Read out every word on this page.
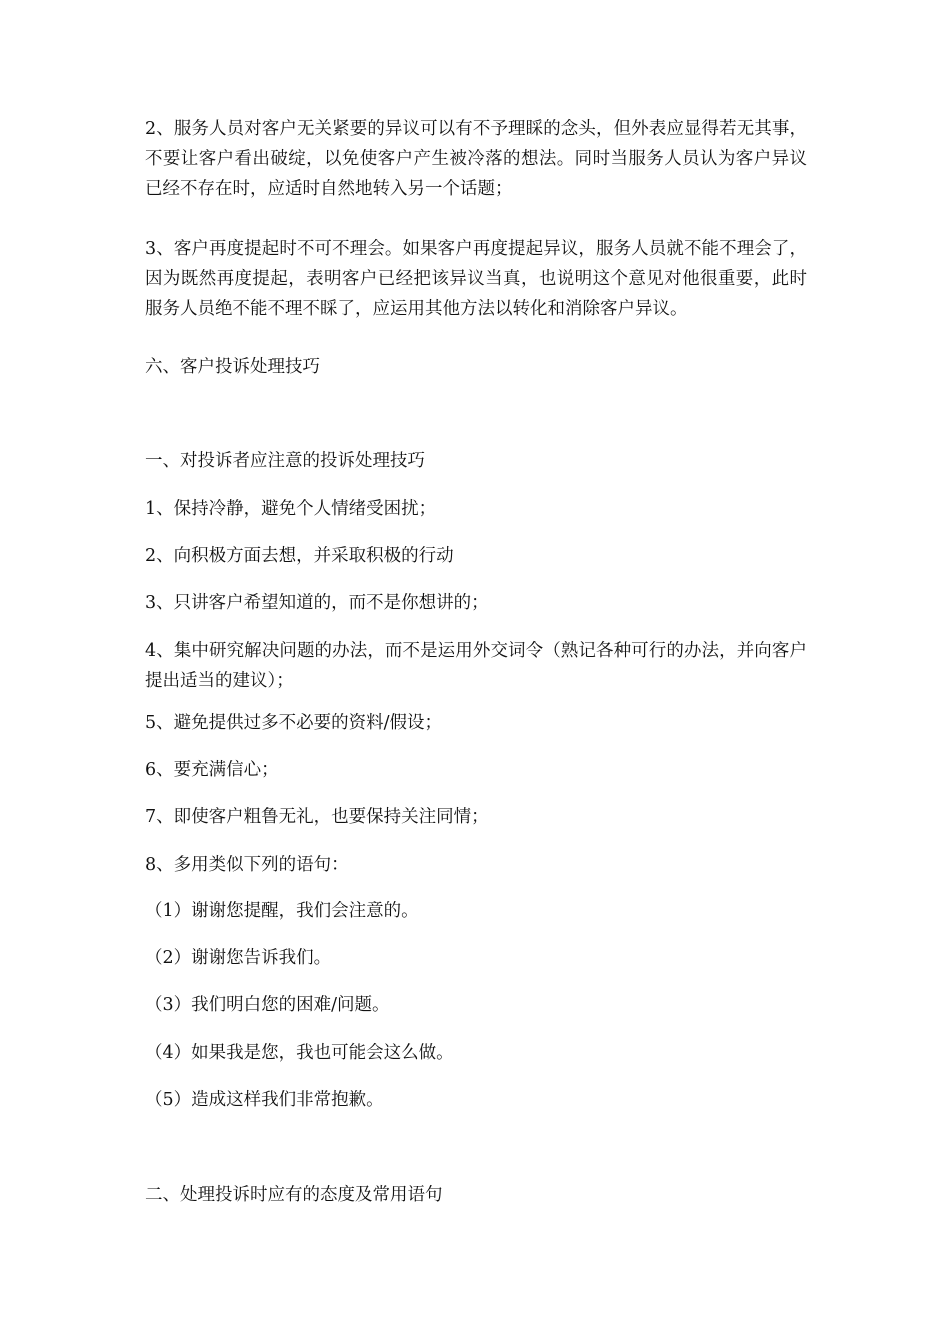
2、服务人员对客户无关紧要的异议可以有不予理睬的念头，但外表应显得若无其事，不要让客户看出破绽，以免使客户产生被冷落的想法。同时当服务人员认为客户异议已经不存在时，应适时自然地转入另一个话题；

3、客户再度提起时不可不理会。如果客户再度提起异议，服务人员就不能不理会了，因为既然再度提起，表明客户已经把该异议当真，也说明这个意见对他很重要，此时服务人员绝不能不理不睬了，应运用其他方法以转化和消除客户异议。

六、客户投诉处理技巧

一、对投诉者应注意的投诉处理技巧

1、保持冷静，避免个人情绪受困扰；

2、向积极方面去想，并采取积极的行动

3、只讲客户希望知道的，而不是你想讲的；

4、集中研究解决问题的办法，而不是运用外交词令（熟记各种可行的办法，并向客户提出适当的建议）；

5、避免提供过多不必要的资料/假设；

6、要充满信心；

7、即使客户粗鲁无礼，也要保持关注同情；

8、多用类似下列的语句：

（1）谢谢您提醒，我们会注意的。

（2）谢谢您告诉我们。

（3）我们明白您的困难/问题。

（4）如果我是您，我也可能会这么做。

（5）造成这样我们非常抱歉。

二、处理投诉时应有的态度及常用语句
